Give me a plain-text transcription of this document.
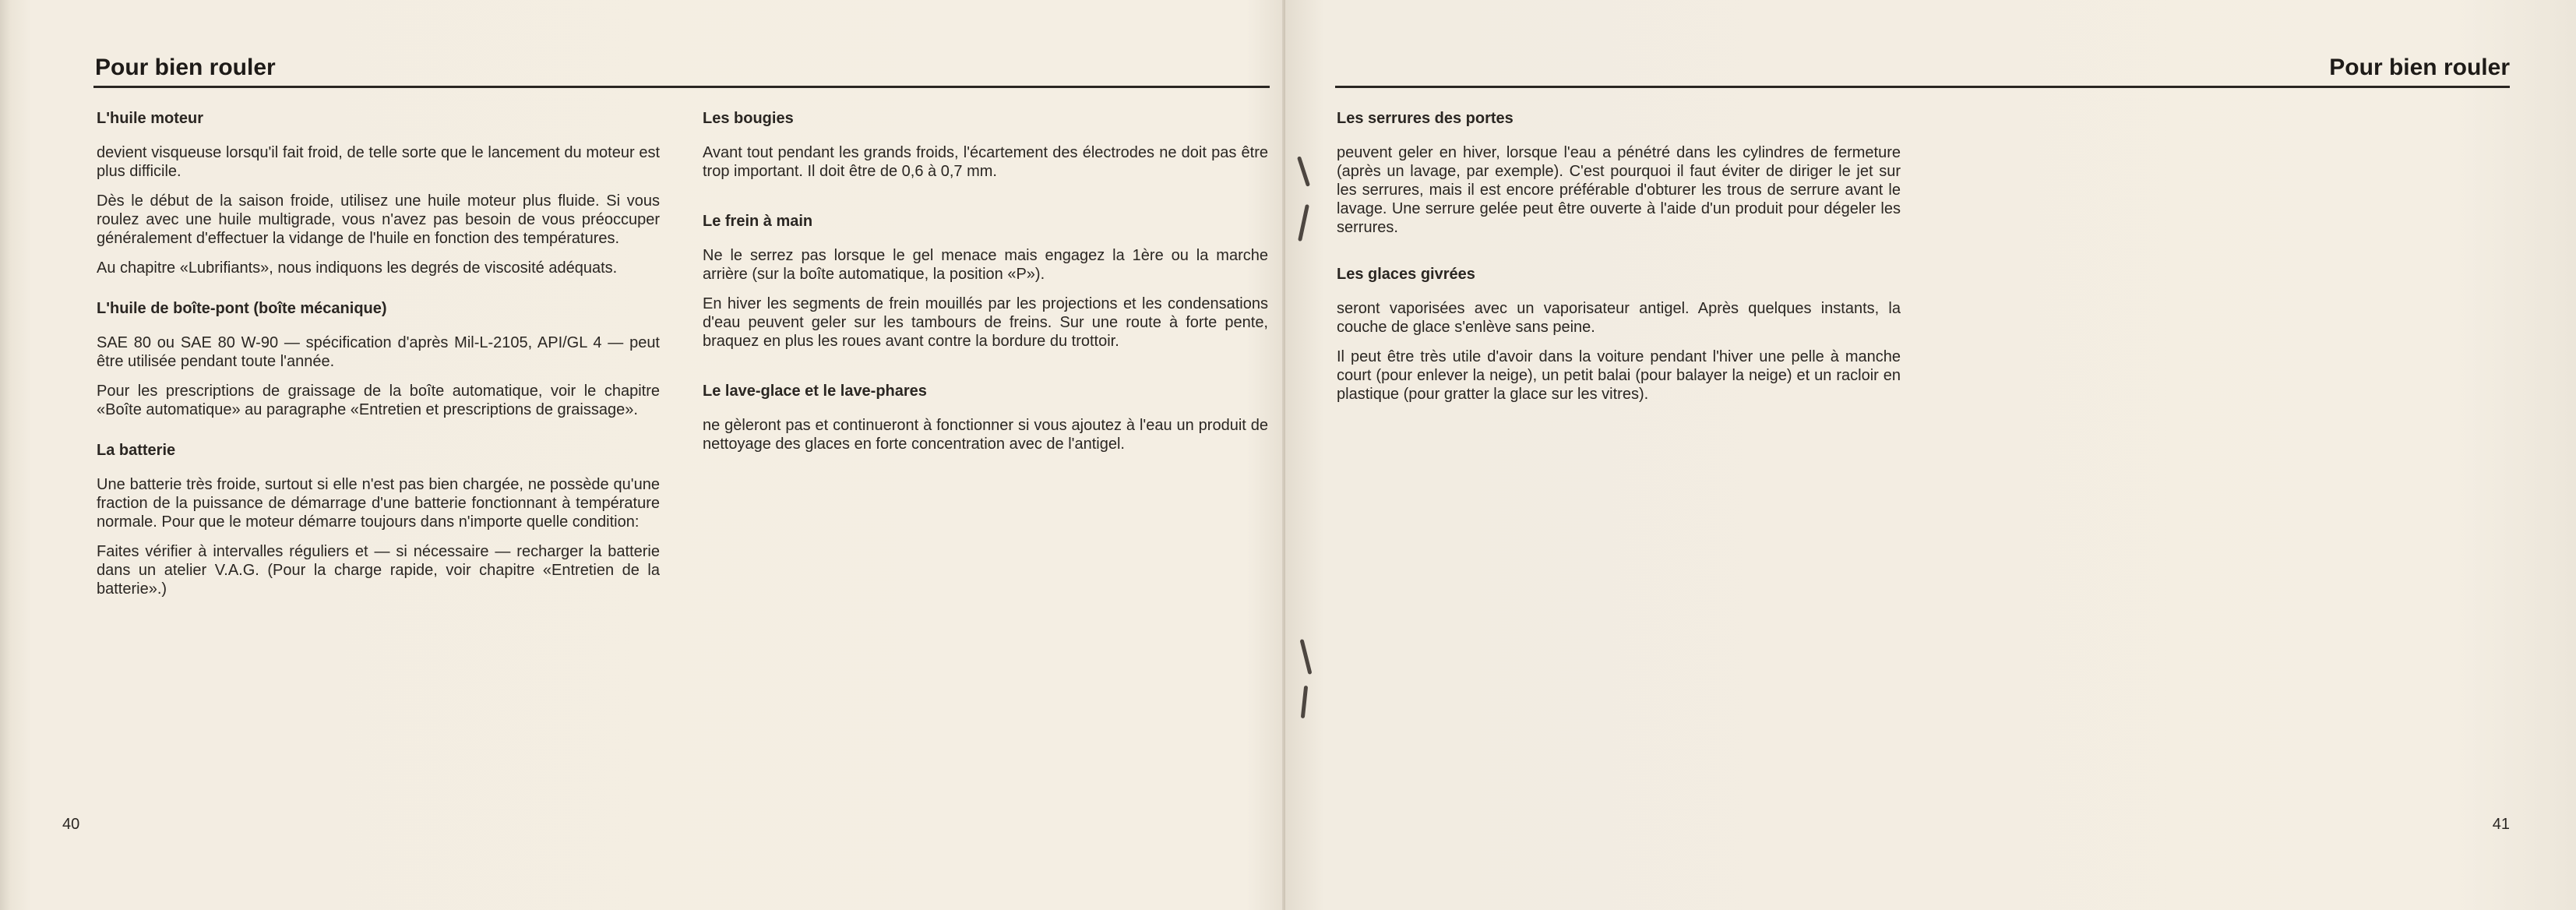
Pour bien rouler
L'huile moteur

devient visqueuse lorsqu'il fait froid, de telle sorte que le lancement du moteur est plus difficile.

Dès le début de la saison froide, utilisez une huile moteur plus fluide. Si vous roulez avec une huile multigrade, vous n'avez pas besoin de vous préoccuper généralement d'effectuer la vidange de l'huile en fonction des températures.

Au chapitre «Lubrifiants», nous indiquons les degrés de viscosité adéquats.

L'huile de boîte-pont (boîte mécanique)

SAE 80 ou SAE 80 W-90 — spécification d'après Mil-L-2105, API/GL 4 — peut être utilisée pendant toute l'année.

Pour les prescriptions de graissage de la boîte automatique, voir le chapitre «Boîte automatique» au paragraphe «Entretien et prescriptions de graissage».

La batterie

Une batterie très froide, surtout si elle n'est pas bien chargée, ne possède qu'une fraction de la puissance de démarrage d'une batterie fonctionnant à température normale. Pour que le moteur démarre toujours dans n'importe quelle condition:

Faites vérifier à intervalles réguliers et — si nécessaire — recharger la batterie dans un atelier V.A.G. (Pour la charge rapide, voir chapitre «Entretien de la batterie».)

Les bougies

Avant tout pendant les grands froids, l'écartement des électrodes ne doit pas être trop important. Il doit être de 0,6 à 0,7 mm.

Le frein à main

Ne le serrez pas lorsque le gel menace mais engagez la 1ère ou la marche arrière (sur la boîte automatique, la position «P»).

En hiver les segments de frein mouillés par les projections et les condensations d'eau peuvent geler sur les tambours de freins. Sur une route à forte pente, braquez en plus les roues avant contre la bordure du trottoir.

Le lave-glace et le lave-phares

ne gèleront pas et continueront à fonctionner si vous ajoutez à l'eau un produit de nettoyage des glaces en forte concentration avec de l'antigel.

40
Pour bien rouler
Les serrures des portes

peuvent geler en hiver, lorsque l'eau a pénétré dans les cylindres de fermeture (après un lavage, par exemple). C'est pourquoi il faut éviter de diriger le jet sur les serrures, mais il est encore préférable d'obturer les trous de serrure avant le lavage. Une serrure gelée peut être ouverte à l'aide d'un produit pour dégeler les serrures.

Les glaces givrées

seront vaporisées avec un vaporisateur antigel. Après quelques instants, la couche de glace s'enlève sans peine.

Il peut être très utile d'avoir dans la voiture pendant l'hiver une pelle à manche court (pour enlever la neige), un petit balai (pour balayer la neige) et un racloir en plastique (pour gratter la glace sur les vitres).

41
